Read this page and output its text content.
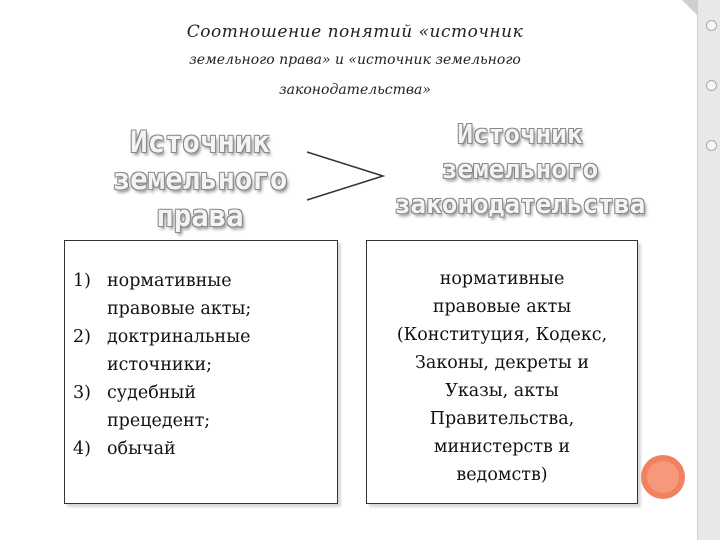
Соотношение понятий «источник
земельного права» и «источник земельного
законодательства»
Источник
земельного
права
Источник
земельного
законодательства
1) нормативные
правовые акты;
2) доктринальные
источники;
3) судебный
прецедент;
4) обычай
нормативные
правовые акты
(Конституция, Кодекс,
Законы, декреты и
Указы, акты
Правительства,
министерств и
ведомств)
